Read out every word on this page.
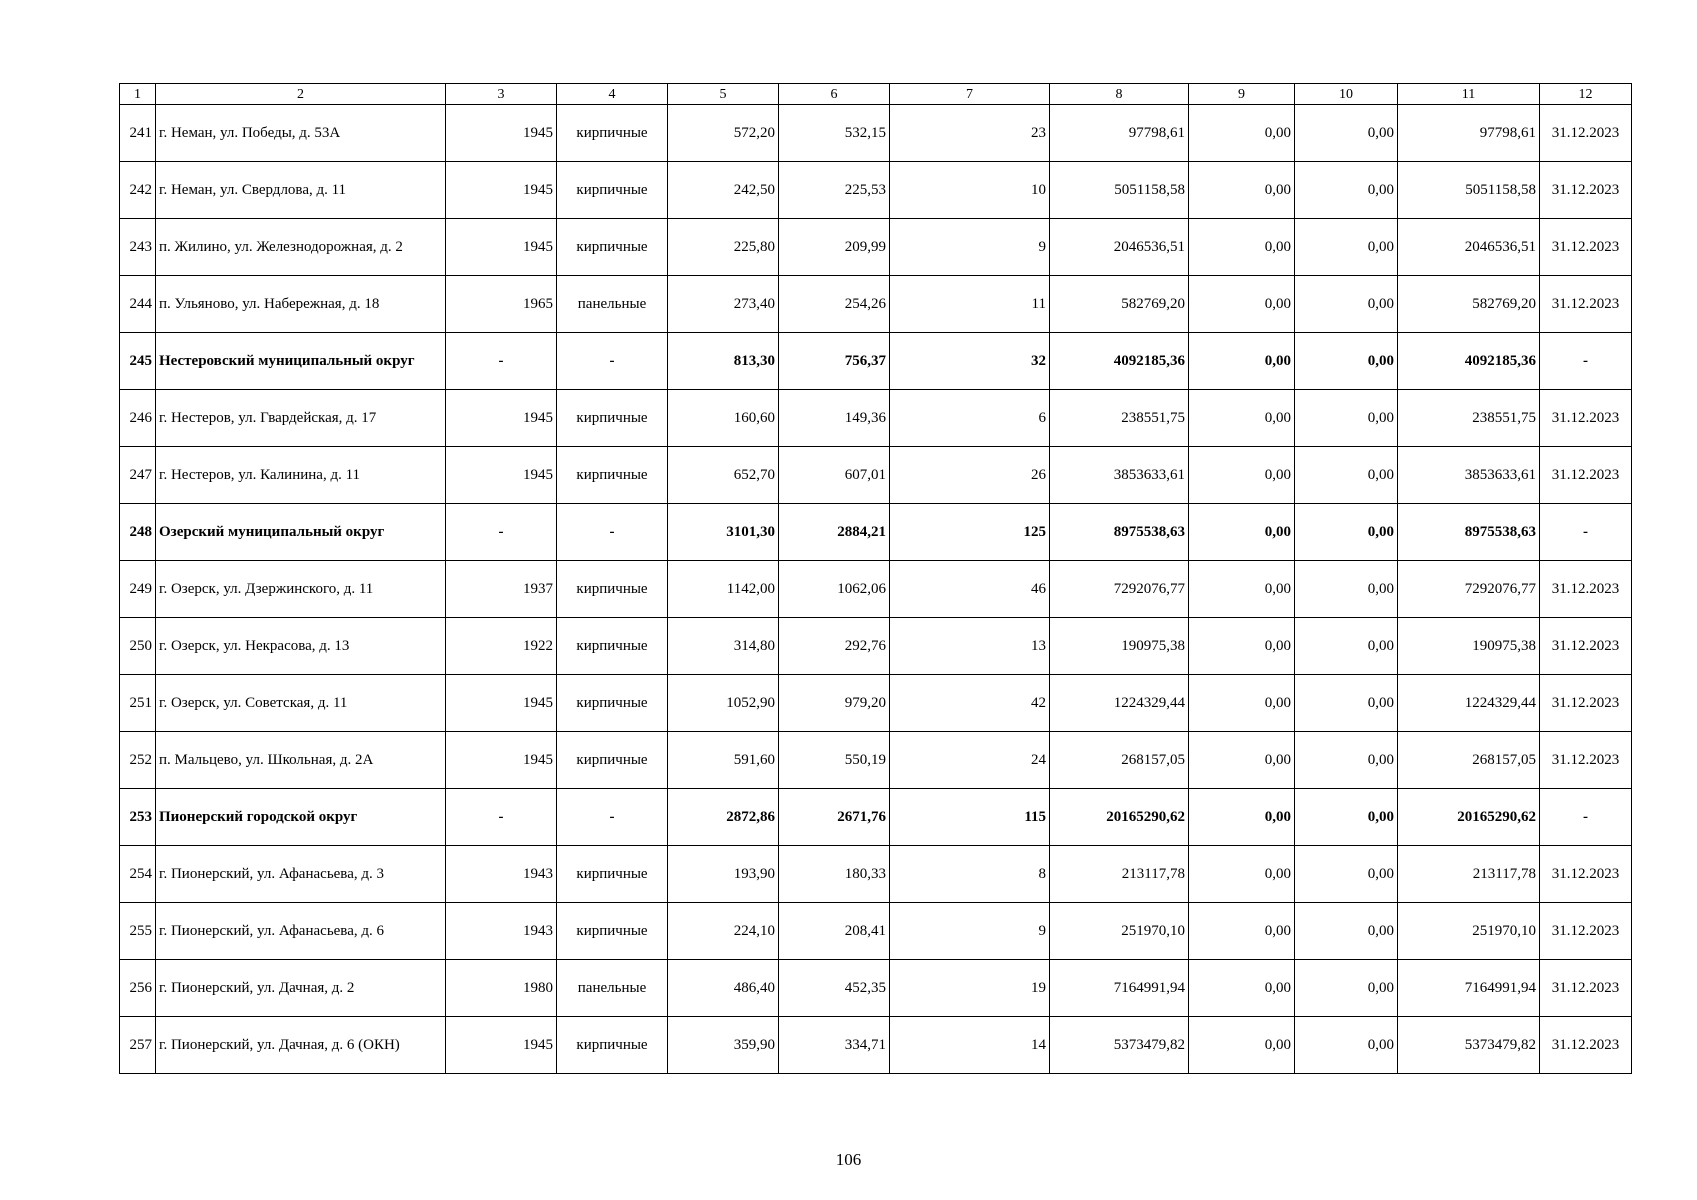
1	2	3	4	5	6	7	8	9	10	11	12
241	г. Неман, ул. Победы, д. 53А	1945	кирпичные	572,20	532,15	23	97798,61	0,00	0,00	97798,61	31.12.2023
242	г. Неман, ул. Свердлова, д. 11	1945	кирпичные	242,50	225,53	10	5051158,58	0,00	0,00	5051158,58	31.12.2023
243	п. Жилино, ул. Железнодорожная, д. 2	1945	кирпичные	225,80	209,99	9	2046536,51	0,00	0,00	2046536,51	31.12.2023
244	п. Ульяново, ул. Набережная, д. 18	1965	панельные	273,40	254,26	11	582769,20	0,00	0,00	582769,20	31.12.2023
245	Нестеровский муниципальный округ	-	-	813,30	756,37	32	4092185,36	0,00	0,00	4092185,36	-
246	г. Нестеров, ул. Гвардейская, д. 17	1945	кирпичные	160,60	149,36	6	238551,75	0,00	0,00	238551,75	31.12.2023
247	г. Нестеров, ул. Калинина, д. 11	1945	кирпичные	652,70	607,01	26	3853633,61	0,00	0,00	3853633,61	31.12.2023
248	Озерский муниципальный округ	-	-	3101,30	2884,21	125	8975538,63	0,00	0,00	8975538,63	-
249	г. Озерск, ул. Дзержинского, д. 11	1937	кирпичные	1142,00	1062,06	46	7292076,77	0,00	0,00	7292076,77	31.12.2023
250	г. Озерск, ул. Некрасова, д. 13	1922	кирпичные	314,80	292,76	13	190975,38	0,00	0,00	190975,38	31.12.2023
251	г. Озерск, ул. Советская, д. 11	1945	кирпичные	1052,90	979,20	42	1224329,44	0,00	0,00	1224329,44	31.12.2023
252	п. Мальцево, ул. Школьная, д. 2А	1945	кирпичные	591,60	550,19	24	268157,05	0,00	0,00	268157,05	31.12.2023
253	Пионерский городской округ	-	-	2872,86	2671,76	115	20165290,62	0,00	0,00	20165290,62	-
254	г. Пионерский, ул. Афанасьева, д. 3	1943	кирпичные	193,90	180,33	8	213117,78	0,00	0,00	213117,78	31.12.2023
255	г. Пионерский, ул. Афанасьева, д. 6	1943	кирпичные	224,10	208,41	9	251970,10	0,00	0,00	251970,10	31.12.2023
256	г. Пионерский, ул. Дачная, д. 2	1980	панельные	486,40	452,35	19	7164991,94	0,00	0,00	7164991,94	31.12.2023
257	г. Пионерский, ул. Дачная, д. 6 (ОКН)	1945	кирпичные	359,90	334,71	14	5373479,82	0,00	0,00	5373479,82	31.12.2023
106
